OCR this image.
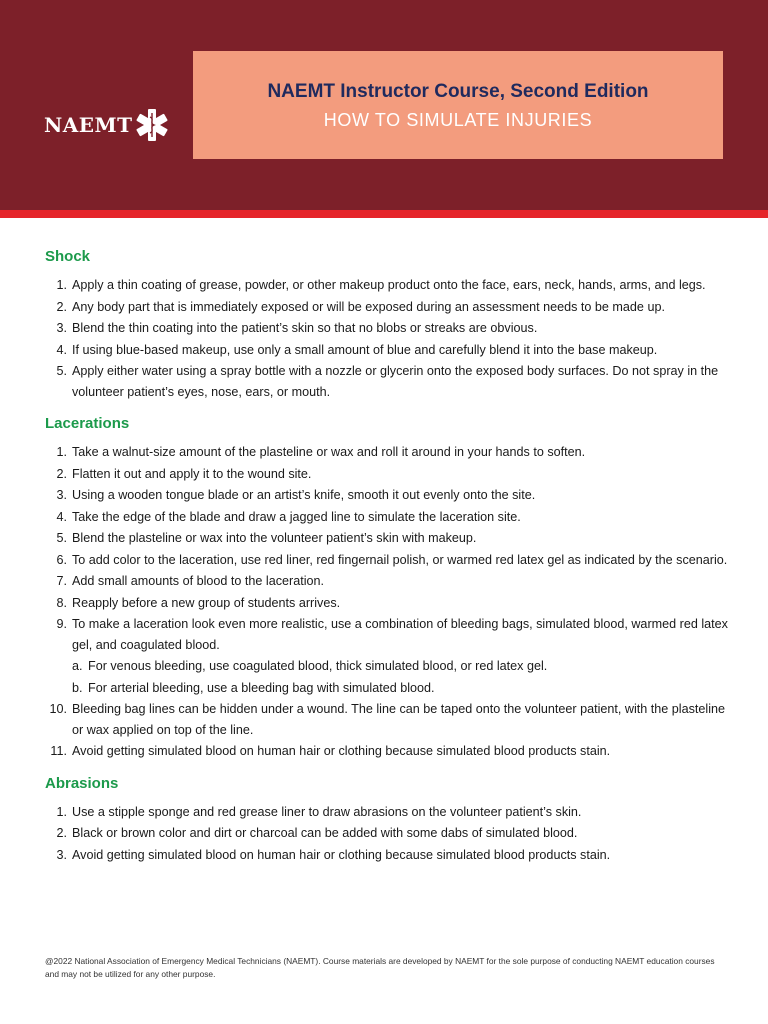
NAEMT
NAEMT Instructor Course, Second Edition
HOW TO SIMULATE INJURIES
Shock
1. Apply a thin coating of grease, powder, or other makeup product onto the face, ears, neck, hands, arms, and legs.
2. Any body part that is immediately exposed or will be exposed during an assessment needs to be made up.
3. Blend the thin coating into the patient’s skin so that no blobs or streaks are obvious.
4. If using blue-based makeup, use only a small amount of blue and carefully blend it into the base makeup.
5. Apply either water using a spray bottle with a nozzle or glycerin onto the exposed body surfaces. Do not spray in the volunteer patient’s eyes, nose, ears, or mouth.
Lacerations
1. Take a walnut-size amount of the plasteline or wax and roll it around in your hands to soften.
2. Flatten it out and apply it to the wound site.
3. Using a wooden tongue blade or an artist’s knife, smooth it out evenly onto the site.
4. Take the edge of the blade and draw a jagged line to simulate the laceration site.
5. Blend the plasteline or wax into the volunteer patient’s skin with makeup.
6. To add color to the laceration, use red liner, red fingernail polish, or warmed red latex gel as indicated by the scenario.
7. Add small amounts of blood to the laceration.
8. Reapply before a new group of students arrives.
9. To make a laceration look even more realistic, use a combination of bleeding bags, simulated blood, warmed red latex gel, and coagulated blood.
a. For venous bleeding, use coagulated blood, thick simulated blood, or red latex gel.
b. For arterial bleeding, use a bleeding bag with simulated blood.
10. Bleeding bag lines can be hidden under a wound. The line can be taped onto the volunteer patient, with the plasteline or wax applied on top of the line.
11. Avoid getting simulated blood on human hair or clothing because simulated blood products stain.
Abrasions
1. Use a stipple sponge and red grease liner to draw abrasions on the volunteer patient’s skin.
2. Black or brown color and dirt or charcoal can be added with some dabs of simulated blood.
3. Avoid getting simulated blood on human hair or clothing because simulated blood products stain.
@2022 National Association of Emergency Medical Technicians (NAEMT). Course materials are developed by NAEMT for the sole purpose of conducting NAEMT education courses and may not be utilized for any other purpose.
